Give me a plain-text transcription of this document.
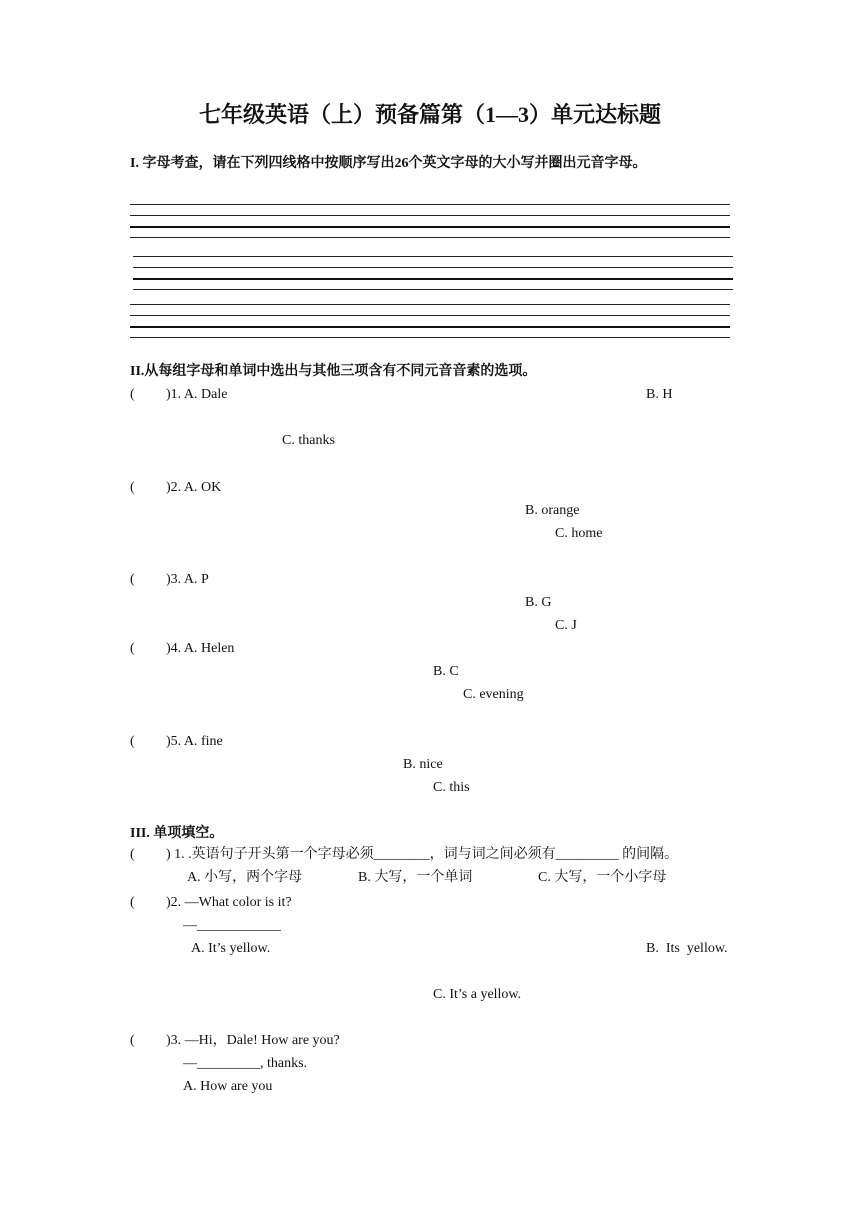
七年级英语（上）预备篇第（1—3）单元达标题
I. 字母考查，请在下列四线格中按顺序写出26个英文字母的大小写并圈出元音字母。
II.从每组字母和单词中选出与其他三项含有不同元音音素的选项。
( )1. A. Dale	B. H
C. thanks
( )2. A. OK
B. orange
C. home
( )3. A. P
B. G
C. J
( )4. A. Helen
B. C
C. evening
( )5. A. fine
B. nice
C. this
III. 单项填空。
( ) 1. .英语句子开头第一个字母必须________，词与词之间必须有_________ 的间隔。
A. 小写，两个字母	B. 大写，一个单词	C. 大写，一个小字母
( )2. —What color is it?
—____________
A. It’s yellow.	B.  Its  yellow.
C. It’s a yellow.
( )3. —Hi，Dale! How are you?
—_________, thanks.
A. How are you
